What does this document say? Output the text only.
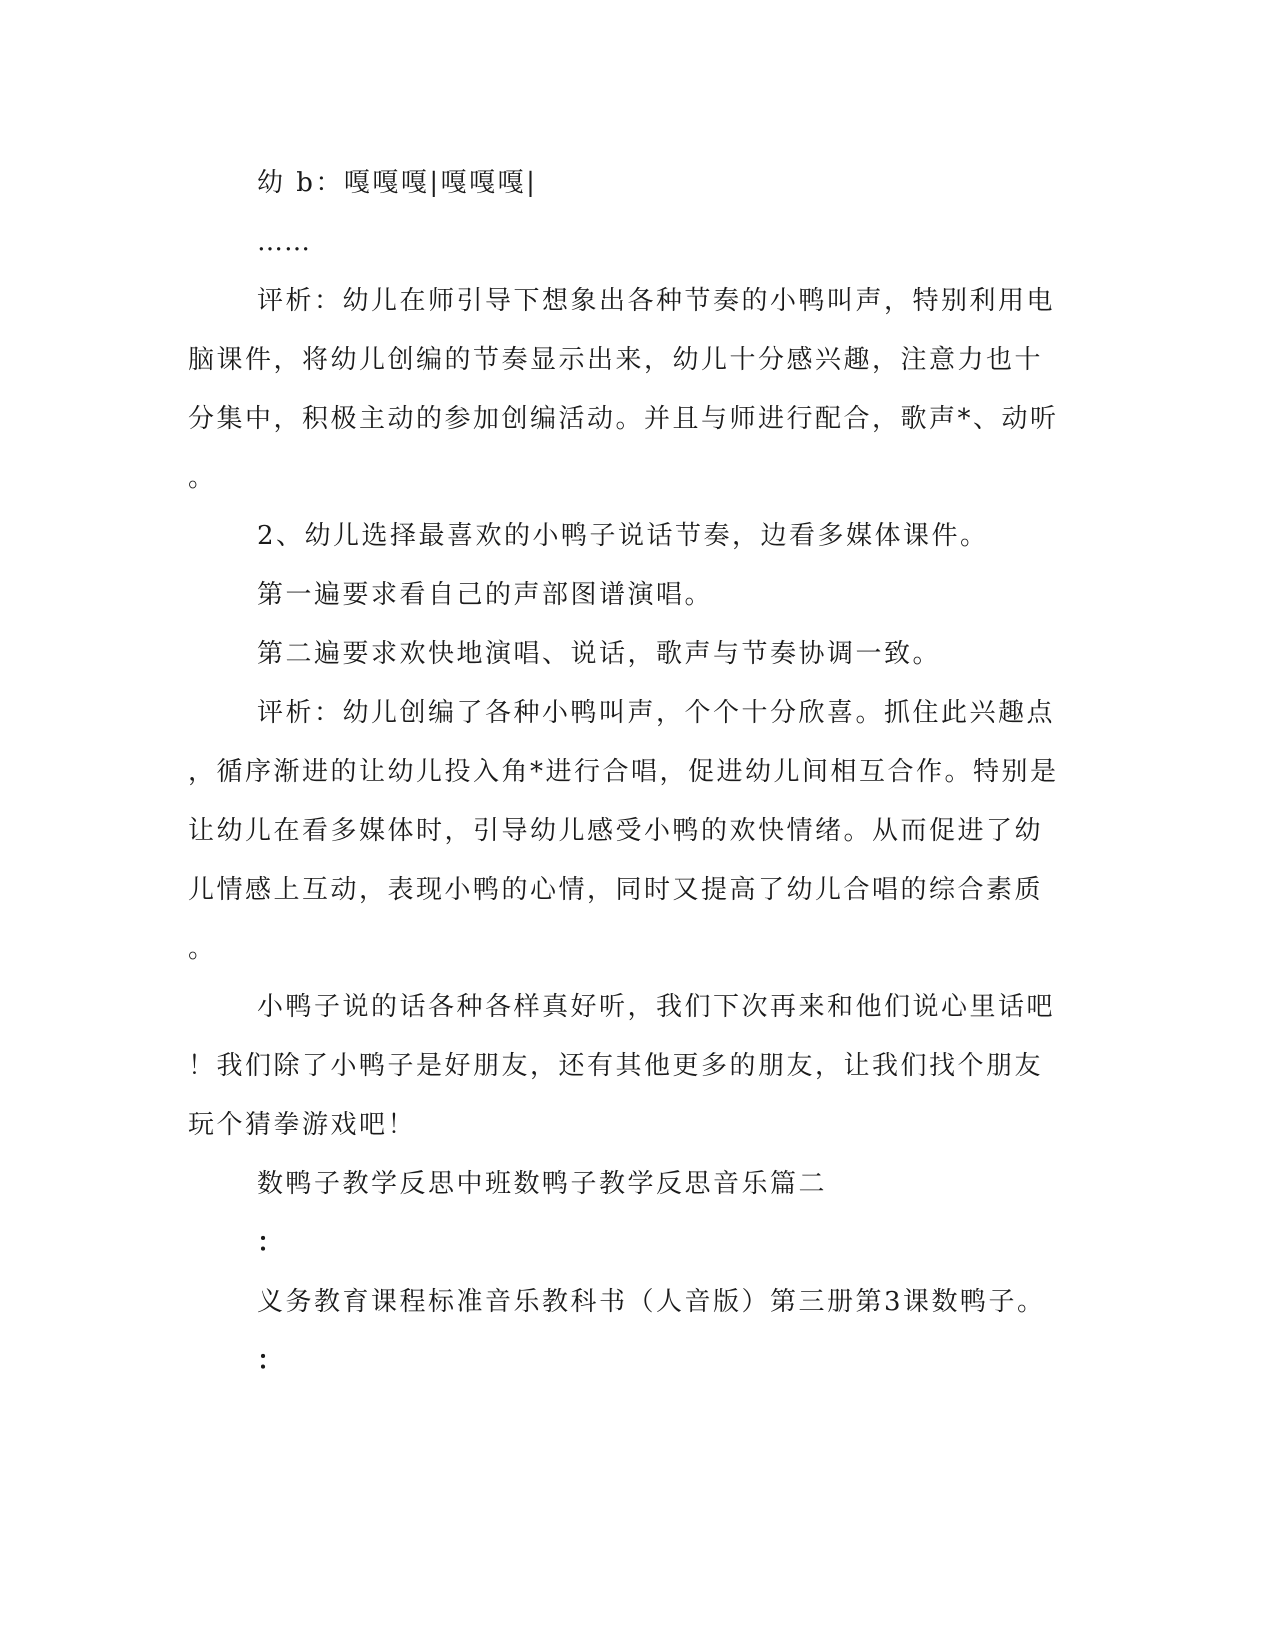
幼 b：嘎嘎嘎|嘎嘎嘎|
……
评析：幼儿在师引导下想象出各种节奏的小鸭叫声，特别利用电
脑课件，将幼儿创编的节奏显示出来，幼儿十分感兴趣，注意力也十
分集中，积极主动的参加创编活动。并且与师进行配合，歌声*、动听
。
2、幼儿选择最喜欢的小鸭子说话节奏，边看多媒体课件。
第一遍要求看自己的声部图谱演唱。
第二遍要求欢快地演唱、说话，歌声与节奏协调一致。
评析：幼儿创编了各种小鸭叫声，个个十分欣喜。抓住此兴趣点
，循序渐进的让幼儿投入角*进行合唱，促进幼儿间相互合作。特别是
让幼儿在看多媒体时，引导幼儿感受小鸭的欢快情绪。从而促进了幼
儿情感上互动，表现小鸭的心情，同时又提高了幼儿合唱的综合素质
。
小鸭子说的话各种各样真好听，我们下次再来和他们说心里话吧
！我们除了小鸭子是好朋友，还有其他更多的朋友，让我们找个朋友
玩个猜拳游戏吧！
数鸭子教学反思中班数鸭子教学反思音乐篇二
：
义务教育课程标准音乐教科书（人音版）第三册第3课数鸭子。
：
